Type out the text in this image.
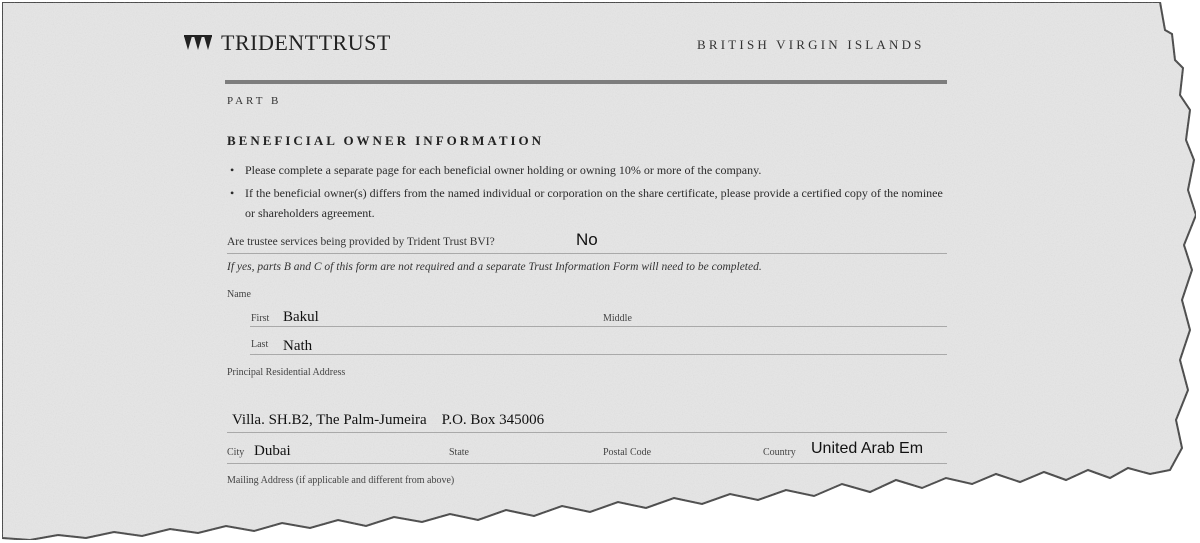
TRIDENTTRUST	BRITISH VIRGIN ISLANDS
PART B
BENEFICIAL OWNER INFORMATION
• Please complete a separate page for each beneficial owner holding or owning 10% or more of the company.
• If the beneficial owner(s) differs from the named individual or corporation on the share certificate, please provide a certified copy of the nominee or shareholders agreement.
Are trustee services being provided by Trident Trust BVI?	No
If yes, parts B and C of this form are not required and a separate Trust Information Form will need to be completed.
Name
First Bakul	Middle
Last Nath
Principal Residential Address
Villa. SH.B2, The Palm-Jumeira    P.O. Box 345006
City Dubai	State	Postal Code	Country United Arab Em
Mailing Address (if applicable and different from above)
